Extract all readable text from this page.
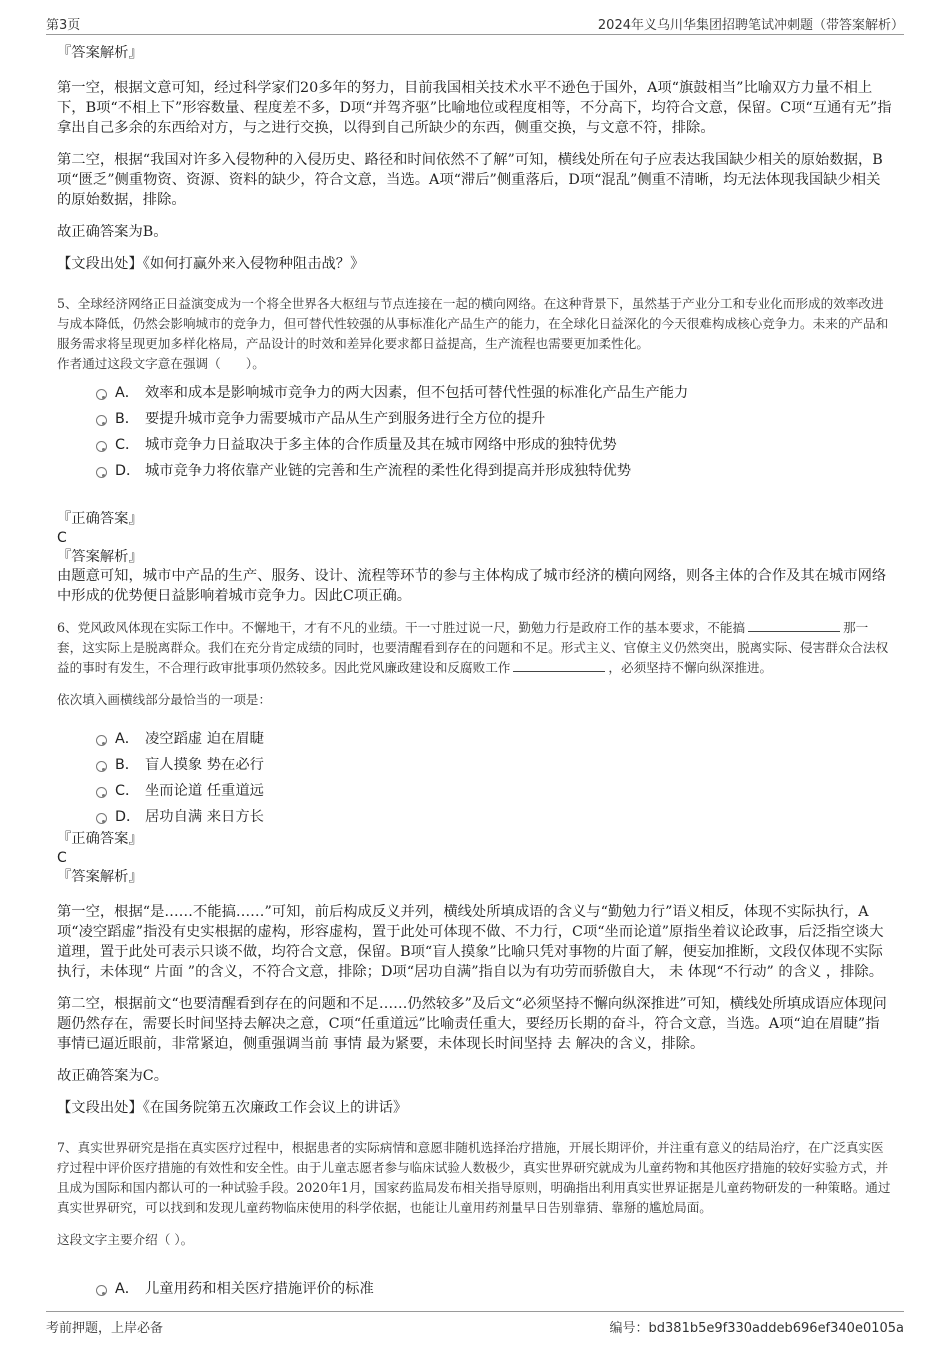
第3页	2024年义乌川华集团招聘笔试冲刺题（带答案解析）

『答案解析』

第一空，根据文意可知，经过科学家们20多年的努力，目前我国相关技术水平不逊色于国外，A项“旗鼓相当”比喻双方力量不相上下，B项“不相上下”形容数量、程度差不多，D项“并驾齐驱”比喻地位或程度相等，不分高下，均符合文意，保留。C项“互通有无”指拿出自己多余的东西给对方，与之进行交换，以得到自己所缺少的东西，侧重交换，与文意不符，排除。

第二空，根据“我国对许多入侵物种的入侵历史、路径和时间依然不了解”可知，横线处所在句子应表达我国缺少相关的原始数据，B项“匮乏”侧重物资、资源、资料的缺少，符合文意，当选。A项“滞后”侧重落后，D项“混乱”侧重不清晰，均无法体现我国缺少相关的原始数据，排除。

故正确答案为B。

【文段出处】《如何打赢外来入侵物种阻击战？》

5、全球经济网络正日益演变成为一个将全世界各大枢纽与节点连接在一起的横向网络。在这种背景下，虽然基于产业分工和专业化而形成的效率改进与成本降低，仍然会影响城市的竞争力，但可替代性较强的从事标准化产品生产的能力，在全球化日益深化的今天很难构成核心竞争力。未来的产品和服务需求将呈现更加多样化格局，产品设计的时效和差异化要求都日益提高，生产流程也需要更加柔性化。

作者通过这段文字意在强调（　　）。

A． 效率和成本是影响城市竞争力的两大因素，但不包括可替代性强的标准化产品生产能力
B． 要提升城市竞争力需要城市产品从生产到服务进行全方位的提升
C． 城市竞争力日益取决于多主体的合作质量及其在城市网络中形成的独特优势
D． 城市竞争力将依靠产业链的完善和生产流程的柔性化得到提高并形成独特优势

『正确答案』

C

『答案解析』

由题意可知，城市中产品的生产、服务、设计、流程等环节的参与主体构成了城市经济的横向网络，则各主体的合作及其在城市网络中形成的优势便日益影响着城市竞争力。因此C项正确。

6、党风政风体现在实际工作中。不懈地干，才有不凡的业绩。干一寸胜过说一尺，勤勉力行是政府工作的基本要求，不能搞	那一套，这实际上是脱离群众。我们在充分肯定成绩的同时，也要清醒看到存在的问题和不足。形式主义、官僚主义仍然突出，脱离实际、侵害群众合法权益的事时有发生，不合理行政审批事项仍然较多。因此党风廉政建设和反腐败工作	，必须坚持不懈向纵深推进。

依次填入画横线部分最恰当的一项是：

A． 凌空蹈虚 迫在眉睫
B． 盲人摸象 势在必行
C． 坐而论道 任重道远
D． 居功自满 来日方长

『正确答案』

C

『答案解析』

第一空，根据“是……不能搞……”可知，前后构成反义并列，横线处所填成语的含义与“勤勉力行”语义相反，体现不实际执行，A项“凌空蹈虚”指没有史实根据的虚构，形容虚构，置于此处可体现不做、不力行，C项“坐而论道”原指坐着议论政事，后泛指空谈大道理，置于此处可表示只谈不做，均符合文意，保留。B项“盲人摸象”比喻只凭对事物的片面了解，便妄加推断，文段仅体现不实际执行，未体现“ 片面 ”的含义，不符合文意，排除；D项“居功自满”指自以为有功劳而骄傲自大， 未 体现“不行动” 的含义 ，排除。

第二空，根据前文“也要清醒看到存在的问题和不足……仍然较多”及后文“必须坚持不懈向纵深推进”可知，横线处所填成语应体现问题仍然存在，需要长时间坚持去解决之意，C项“任重道远”比喻责任重大，要经历长期的奋斗，符合文意，当选。A项“迫在眉睫”指事情已逼近眼前，非常紧迫，侧重强调当前 事情 最为紧要，未体现长时间坚持 去 解决的含义，排除。

故正确答案为C。

【文段出处】《在国务院第五次廉政工作会议上的讲话》

7、真实世界研究是指在真实医疗过程中，根据患者的实际病情和意愿非随机选择治疗措施，开展长期评价，并注重有意义的结局治疗，在广泛真实医疗过程中评价医疗措施的有效性和安全性。由于儿童志愿者参与临床试验人数极少，真实世界研究就成为儿童药物和其他医疗措施的较好实验方式，并且成为国际和国内都认可的一种试验手段。2020年1月，国家药监局发布相关指导原则，明确指出利用真实世界证据是儿童药物研发的一种策略。通过真实世界研究，可以找到和发现儿童药物临床使用的科学依据，也能让儿童用药剂量早日告别靠猜、靠掰的尴尬局面。

这段文字主要介绍（ ）。

A． 儿童用药和相关医疗措施评价的标准
考前押题，上岸必备	编号：bd381b5e9f330addeb696ef340e0105a
